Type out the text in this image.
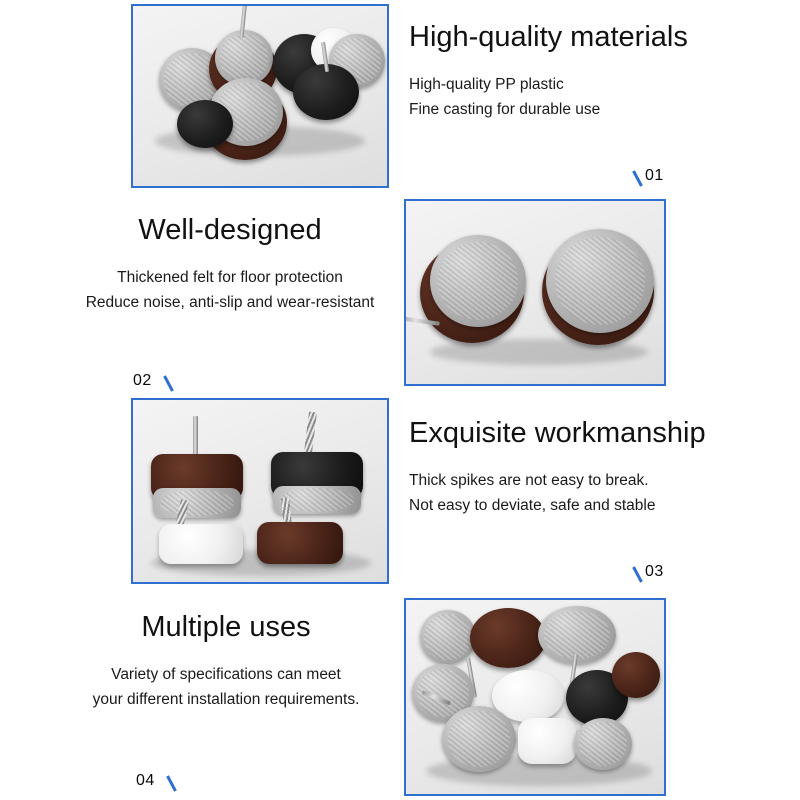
High-quality materials
High-quality PP plastic
Fine casting for durable use
01
Well-designed
Thickened felt for floor protection
Reduce noise, anti-slip and wear-resistant
02
Exquisite workmanship
Thick spikes are not easy to break.
Not easy to deviate, safe and stable
03
Multiple uses
Variety of specifications can meet
your different installation requirements.
04
